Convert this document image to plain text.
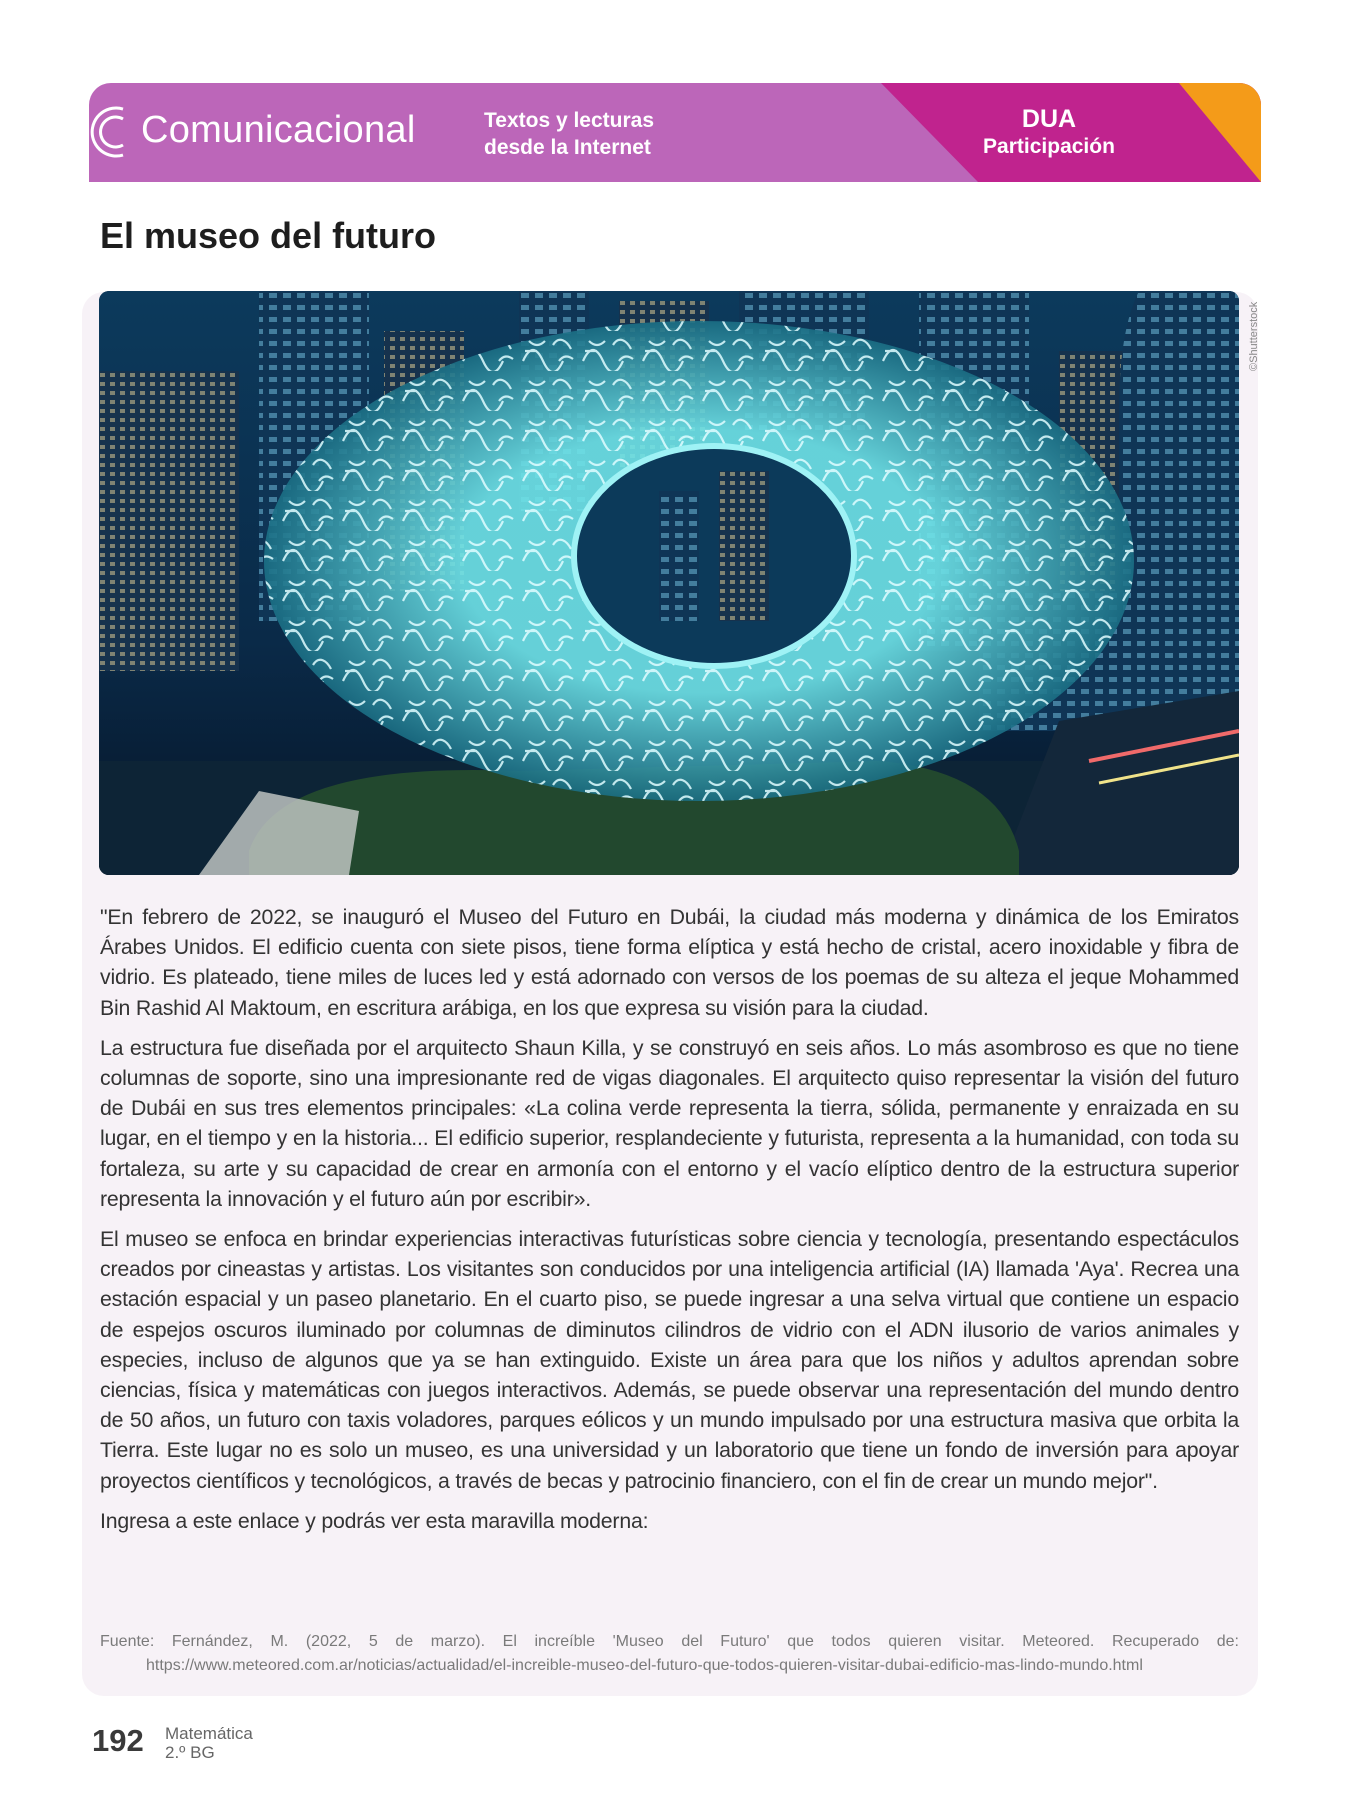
Comunicacional	Textos y lecturas
desde la Internet
DUA
Participación
El museo del futuro
©Shutterstock

"En febrero de 2022, se inauguró el Museo del Futuro en Dubái, la ciudad más moderna y dinámica de los Emiratos Árabes Unidos. El edificio cuenta con siete pisos, tiene forma elíptica y está hecho de cristal, acero inoxidable y fibra de vidrio. Es plateado, tiene miles de luces led y está adornado con versos de los poemas de su alteza el jeque Mohammed Bin Rashid Al Maktoum, en escritura arábiga, en los que expresa su visión para la ciudad.

La estructura fue diseñada por el arquitecto Shaun Killa, y se construyó en seis años. Lo más asombroso es que no tiene columnas de soporte, sino una impresionante red de vigas diagonales. El arquitecto quiso representar la visión del futuro de Dubái en sus tres elementos principales: «La colina verde representa la tierra, sólida, permanente y enraizada en su lugar, en el tiempo y en la historia... El edificio superior, resplandeciente y futurista, representa a la humanidad, con toda su fortaleza, su arte y su capacidad de crear en armonía con el entorno y el vacío elíptico dentro de la estructura superior representa la innovación y el futuro aún por escribir».

El museo se enfoca en brindar experiencias interactivas futurísticas sobre ciencia y tecnología, presentando espectáculos creados por cineastas y artistas. Los visitantes son conducidos por una inteligencia artificial (IA) llamada 'Aya'. Recrea una estación espacial y un paseo planetario. En el cuarto piso, se puede ingresar a una selva virtual que contiene un espacio de espejos oscuros iluminado por columnas de diminutos cilindros de vidrio con el ADN ilusorio de varios animales y especies, incluso de algunos que ya se han extinguido. Existe un área para que los niños y adultos aprendan sobre ciencias, física y matemáticas con juegos interactivos. Además, se puede observar una representación del mundo dentro de 50 años, un futuro con taxis voladores, parques eólicos y un mundo impulsado por una estructura masiva que orbita la Tierra. Este lugar no es solo un museo, es una universidad y un laboratorio que tiene un fondo de inversión para apoyar proyectos científicos y tecnológicos, a través de becas y patrocinio financiero, con el fin de crear un mundo mejor".

Ingresa a este enlace y podrás ver esta maravilla moderna:

Fuente: Fernández, M. (2022, 5 de marzo). El increíble 'Museo del Futuro' que todos quieren visitar. Meteored. Recuperado de: https://www.meteored.com.ar/noticias/actualidad/el-increible-museo-del-futuro-que-todos-quieren-visitar-dubai-edificio-mas-lindo-mundo.html
192 Matemática
2.º BG
